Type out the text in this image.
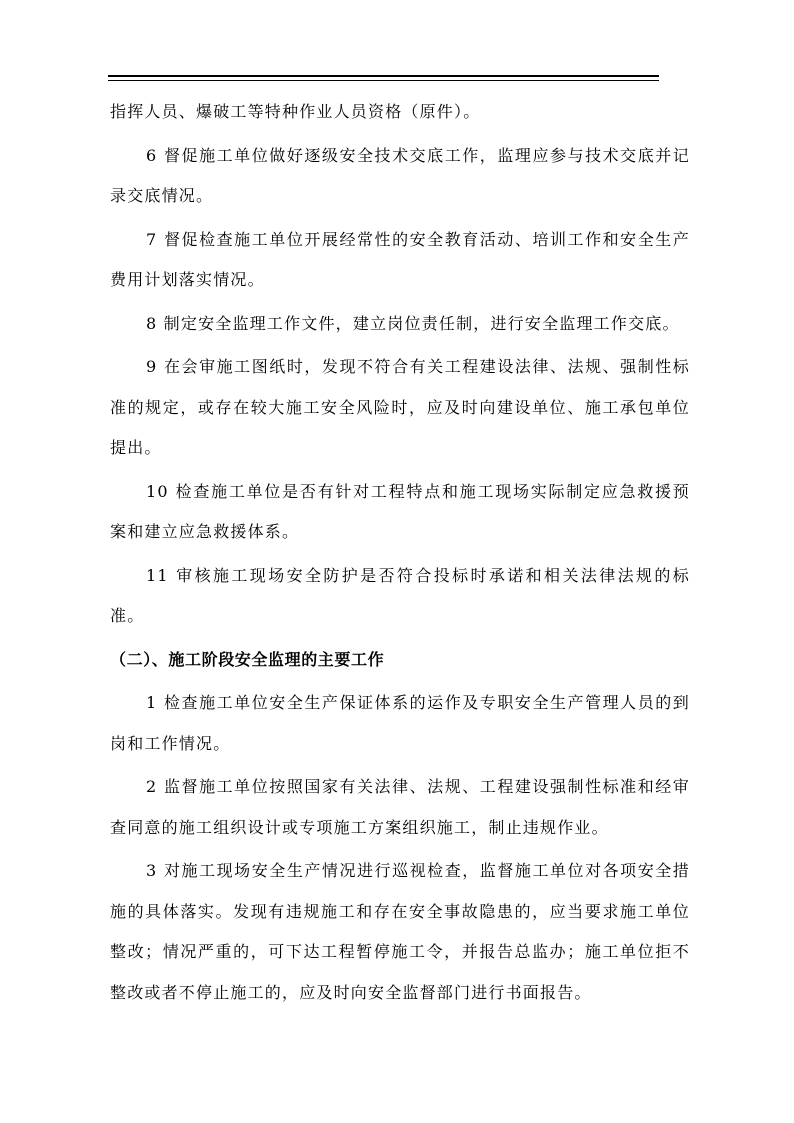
指挥人员、爆破工等特种作业人员资格（原件）。

6 督促施工单位做好逐级安全技术交底工作，监理应参与技术交底并记录交底情况。

7 督促检查施工单位开展经常性的安全教育活动、培训工作和安全生产费用计划落实情况。

8 制定安全监理工作文件，建立岗位责任制，进行安全监理工作交底。

9 在会审施工图纸时，发现不符合有关工程建设法律、法规、强制性标准的规定，或存在较大施工安全风险时，应及时向建设单位、施工承包单位提出。

10 检查施工单位是否有针对工程特点和施工现场实际制定应急救援预案和建立应急救援体系。

11 审核施工现场安全防护是否符合投标时承诺和相关法律法规的标准。

（二）、施工阶段安全监理的主要工作

1 检查施工单位安全生产保证体系的运作及专职安全生产管理人员的到岗和工作情况。

2 监督施工单位按照国家有关法律、法规、工程建设强制性标准和经审查同意的施工组织设计或专项施工方案组织施工，制止违规作业。

3 对施工现场安全生产情况进行巡视检查，监督施工单位对各项安全措施的具体落实。发现有违规施工和存在安全事故隐患的，应当要求施工单位整改；情况严重的，可下达工程暂停施工令，并报告总监办；施工单位拒不整改或者不停止施工的，应及时向安全监督部门进行书面报告。
